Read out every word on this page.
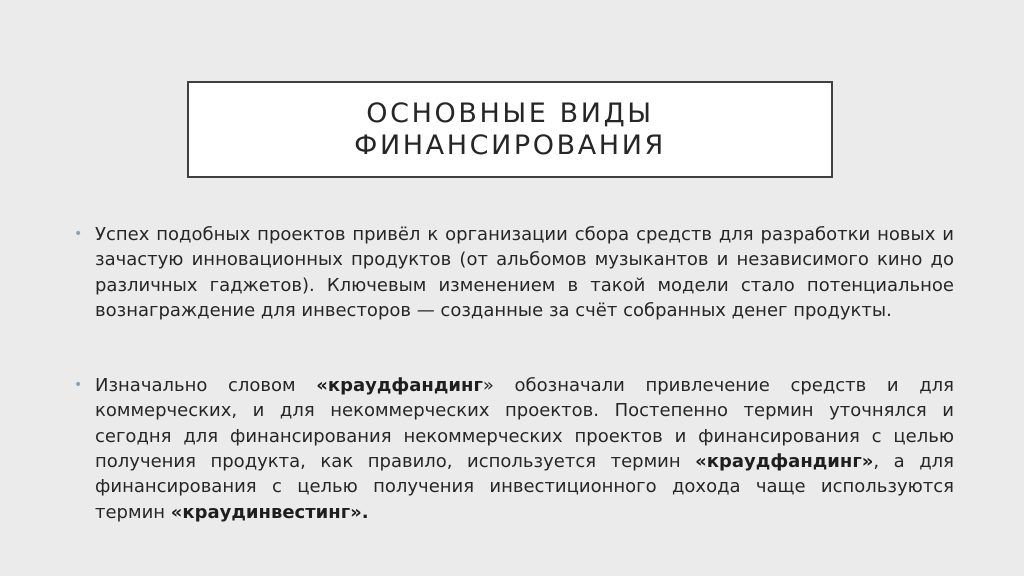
ОСНОВНЫЕ ВИДЫ
ФИНАНСИРОВАНИЯ
• Успех подобных проектов привёл к организации сбора средств для разработки новых и зачастую инновационных продуктов (от альбомов музыкантов и независимого кино до различных гаджетов). Ключевым изменением в такой модели стало потенциальное вознаграждение для инвесторов — созданные за счёт собранных денег продукты.

• Изначально словом «краудфандинг» обозначали привлечение средств и для коммерческих, и для некоммерческих проектов. Постепенно термин уточнялся и сегодня для финансирования некоммерческих проектов и финансирования с целью получения продукта, как правило, используется термин «краудфандинг», а для финансирования с целью получения инвестиционного дохода чаще используются термин «краудинвестинг».
